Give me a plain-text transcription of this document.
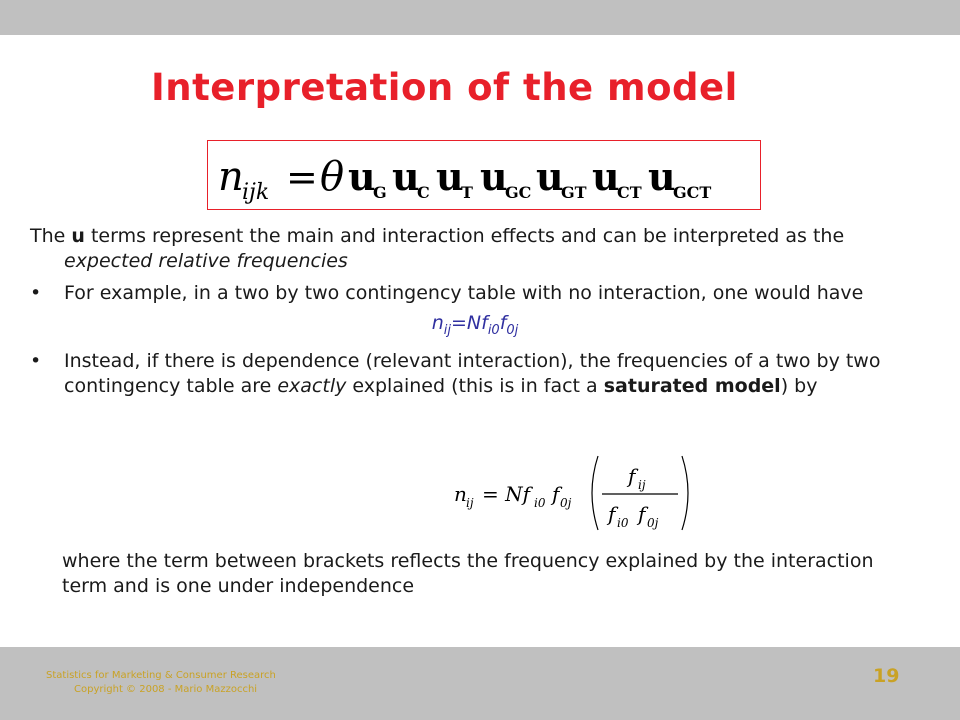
Interpretation of the model
n
ijk = θ u
G u
C u
T u
GC u
GT u
CT u
GCT

The u terms represent the main and interaction effects and can be interpreted as the expected relative frequencies

• For example, in a two by two contingency table with no interaction, one would have

$n_{ij}=Nf_{i0}f_{0j}$

• Instead, if there is dependence (relevant interaction), the frequencies of a two by two contingency table are exactly explained (this is in fact a saturated model) by

n ij = Nf i0 f 0j
f ij
f i0 f 0j
where the term between brackets reflects the frequency explained by the interaction term and is one under independence
Statistics for Marketing & Consumer Research
Copyright © 2008 - Mario Mazzocchi
19
